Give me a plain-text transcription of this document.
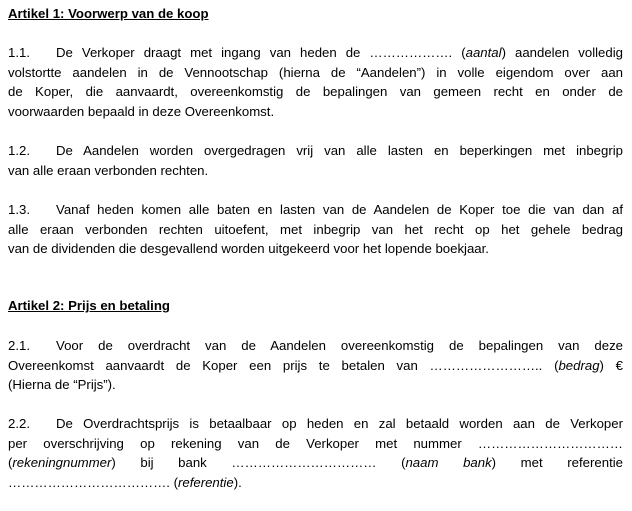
Artikel 1: Voorwerp van de koop
1.1. De Verkoper draagt met ingang van heden de ………………. (aantal) aandelen volledig
volstortte aandelen in de Vennootschap (hierna de “Aandelen”) in volle eigendom over aan
de Koper, die aanvaardt, overeenkomstig de bepalingen van gemeen recht en onder de
voorwaarden bepaald in deze Overeenkomst.
1.2. De Aandelen worden overgedragen vrij van alle lasten en beperkingen met inbegrip
van alle eraan verbonden rechten.
1.3. Vanaf heden komen alle baten en lasten van de Aandelen de Koper toe die van dan af
alle eraan verbonden rechten uitoefent, met inbegrip van het recht op het gehele bedrag
van de dividenden die desgevallend worden uitgekeerd voor het lopende boekjaar.
Artikel 2: Prijs en betaling
2.1. Voor de overdracht van de Aandelen overeenkomstig de bepalingen van deze
Overeenkomst aanvaardt de Koper een prijs te betalen van …………………….. (bedrag) €
(Hierna de “Prijs”).
2.2. De Overdrachtsprijs is betaalbaar op heden en zal betaald worden aan de Verkoper
per overschrijving op rekening van de Verkoper met nummer ……………………………
(rekeningnummer) bij bank …………………………… (naam bank) met referentie
………………………………. (referentie).
